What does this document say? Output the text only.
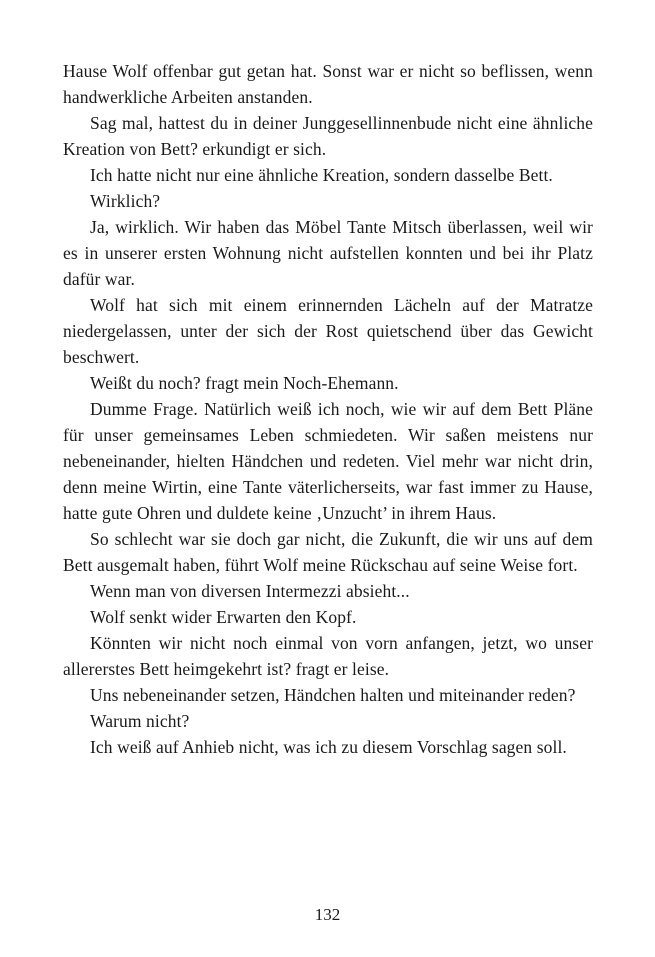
Hause Wolf offenbar gut getan hat. Sonst war er nicht so beflissen, wenn handwerkliche Arbeiten anstanden.

Sag mal, hattest du in deiner Junggesellinnenbude nicht eine ähnliche Kreation von Bett? erkundigt er sich.

Ich hatte nicht nur eine ähnliche Kreation, sondern dasselbe Bett.

Wirklich?

Ja, wirklich. Wir haben das Möbel Tante Mitsch überlassen, weil wir es in unserer ersten Wohnung nicht aufstellen konnten und bei ihr Platz dafür war.

Wolf hat sich mit einem erinnernden Lächeln auf der Matratze niedergelassen, unter der sich der Rost quietschend über das Gewicht beschwert.

Weißt du noch? fragt mein Noch-Ehemann.

Dumme Frage. Natürlich weiß ich noch, wie wir auf dem Bett Pläne für unser gemeinsames Leben schmiedeten. Wir saßen meistens nur nebeneinander, hielten Händchen und redeten. Viel mehr war nicht drin, denn meine Wirtin, eine Tante väterlicherseits, war fast immer zu Hause, hatte gute Ohren und duldete keine ‚Unzucht’ in ihrem Haus.

So schlecht war sie doch gar nicht, die Zukunft, die wir uns auf dem Bett ausgemalt haben, führt Wolf meine Rückschau auf seine Weise fort.

Wenn man von diversen Intermezzi absieht...

Wolf senkt wider Erwarten den Kopf.

Könnten wir nicht noch einmal von vorn anfangen, jetzt, wo unser allererstes Bett heimgekehrt ist? fragt er leise.

Uns nebeneinander setzen, Händchen halten und miteinander reden?

Warum nicht?

Ich weiß auf Anhieb nicht, was ich zu diesem Vorschlag sagen soll.

132
